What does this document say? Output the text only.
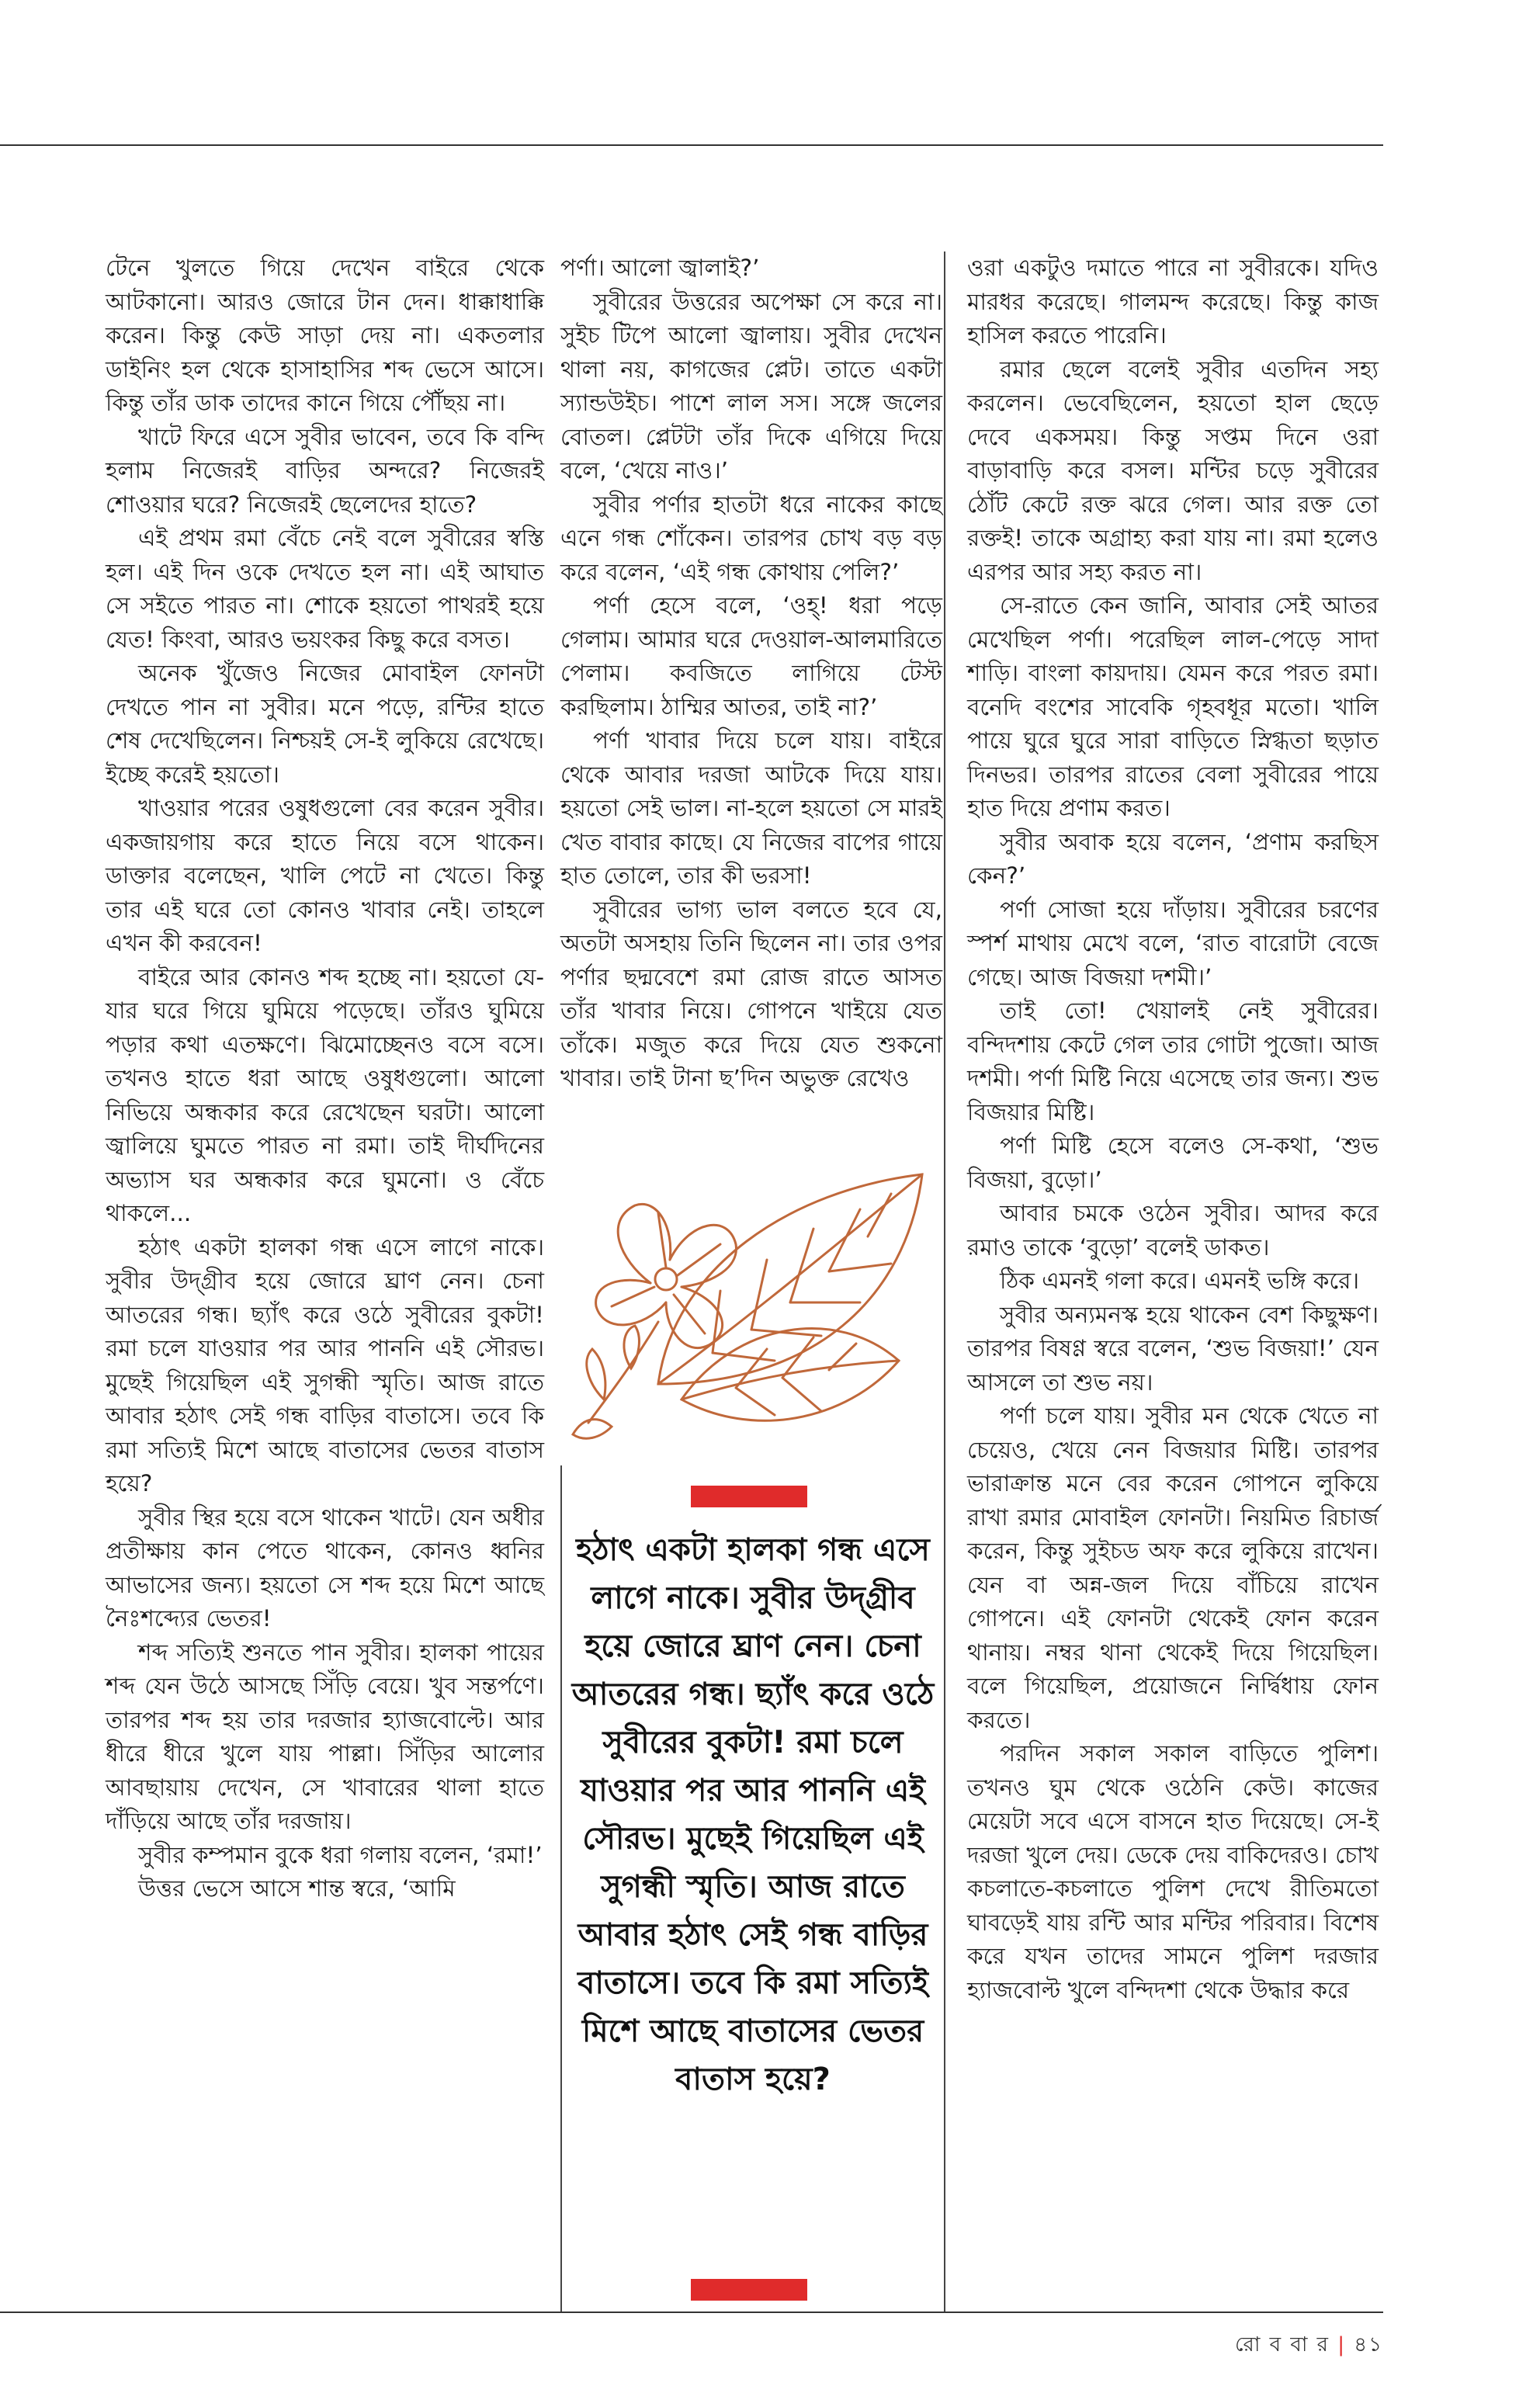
টেনে খুলতে গিয়ে দেখেন বাইরে থেকে আটকানো। আরও জোরে টান দেন। ধাক্কাধাক্কি করেন। কিন্তু কেউ সাড়া দেয় না। একতলার ডাইনিং হল থেকে হাসাহাসির শব্দ ভেসে আসে। কিন্তু তাঁর ডাক তাদের কানে গিয়ে পৌঁছয় না।

খাটে ফিরে এসে সুবীর ভাবেন, তবে কি বন্দি হলাম নিজেরই বাড়ির অন্দরে? নিজেরই শোওয়ার ঘরে? নিজেরই ছেলেদের হাতে?

এই প্রথম রমা বেঁচে নেই বলে সুবীরের স্বস্তি হল। এই দিন ওকে দেখতে হল না। এই আঘাত সে সইতে পারত না। শোকে হয়তো পাথরই হয়ে যেত! কিংবা, আরও ভয়ংকর কিছু করে বসত।

অনেক খুঁজেও নিজের মোবাইল ফোনটা দেখতে পান না সুবীর। মনে পড়ে, রন্টির হাতে শেষ দেখেছিলেন। নিশ্চয়ই সে-ই লুকিয়ে রেখেছে। ইচ্ছে করেই হয়তো।

খাওয়ার পরের ওষুধগুলো বের করেন সুবীর। একজায়গায় করে হাতে নিয়ে বসে থাকেন। ডাক্তার বলেছেন, খালি পেটে না খেতে। কিন্তু তার এই ঘরে তো কোনও খাবার নেই। তাহলে এখন কী করবেন!

বাইরে আর কোনও শব্দ হচ্ছে না। হয়তো যে-যার ঘরে গিয়ে ঘুমিয়ে পড়েছে। তাঁরও ঘুমিয়ে পড়ার কথা এতক্ষণে। ঝিমোচ্ছেনও বসে বসে। তখনও হাতে ধরা আছে ওষুধগুলো। আলো নিভিয়ে অন্ধকার করে রেখেছেন ঘরটা। আলো জ্বালিয়ে ঘুমতে পারত না রমা। তাই দীর্ঘদিনের অভ্যাস ঘর অন্ধকার করে ঘুমনো। ও বেঁচে থাকলে...

হঠাৎ একটা হালকা গন্ধ এসে লাগে নাকে। সুবীর উদ্‌গ্রীব হয়ে জোরে ঘ্রাণ নেন। চেনা আতরের গন্ধ। ছ্যাঁৎ করে ওঠে সুবীরের বুকটা! রমা চলে যাওয়ার পর আর পাননি এই সৌরভ। মুছেই গিয়েছিল এই সুগন্ধী স্মৃতি। আজ রাতে আবার হঠাৎ সেই গন্ধ বাড়ির বাতাসে। তবে কি রমা সত্যিই মিশে আছে বাতাসের ভেতর বাতাস হয়ে?

সুবীর স্থির হয়ে বসে থাকেন খাটে। যেন অধীর প্রতীক্ষায় কান পেতে থাকেন, কোনও ধ্বনির আভাসের জন্য। হয়তো সে শব্দ হয়ে মিশে আছে নৈঃশব্দ্যের ভেতর!

শব্দ সত্যিই শুনতে পান সুবীর। হালকা পায়ের শব্দ যেন উঠে আসছে সিঁড়ি বেয়ে। খুব সন্তর্পণে। তারপর শব্দ হয় তার দরজার হ্যাজবোল্টে। আর ধীরে ধীরে খুলে যায় পাল্লা। সিঁড়ির আলোর আবছায়ায় দেখেন, সে খাবারের থালা হাতে দাঁড়িয়ে আছে তাঁর দরজায়।

সুবীর কম্পমান বুকে ধরা গলায় বলেন, ‘রমা!’

উত্তর ভেসে আসে শান্ত স্বরে, ‘আমি

পর্ণা। আলো জ্বালাই?’

সুবীরের উত্তরের অপেক্ষা সে করে না। সুইচ টিপে আলো জ্বালায়। সুবীর দেখেন থালা নয়, কাগজের প্লেট। তাতে একটা স্যান্ডউইচ। পাশে লাল সস। সঙ্গে জলের বোতল। প্লেটটা তাঁর দিকে এগিয়ে দিয়ে বলে, ‘খেয়ে নাও।’

সুবীর পর্ণার হাতটা ধরে নাকের কাছে এনে গন্ধ শোঁকেন। তারপর চোখ বড় বড় করে বলেন, ‘এই গন্ধ কোথায় পেলি?’

পর্ণা হেসে বলে, ‘ওহ্! ধরা পড়ে গেলাম। আমার ঘরে দেওয়াল-আলমারিতে পেলাম। কবজিতে লাগিয়ে টেস্ট করছিলাম। ঠাম্মির আতর, তাই না?’

পর্ণা খাবার দিয়ে চলে যায়। বাইরে থেকে আবার দরজা আটকে দিয়ে যায়। হয়তো সেই ভাল। না-হলে হয়তো সে মারই খেত বাবার কাছে। যে নিজের বাপের গায়ে হাত তোলে, তার কী ভরসা!

সুবীরের ভাগ্য ভাল বলতে হবে যে, অতটা অসহায় তিনি ছিলেন না। তার ওপর পর্ণার ছদ্মবেশে রমা রোজ রাতে আসত তাঁর খাবার নিয়ে। গোপনে খাইয়ে যেত তাঁকে। মজুত করে দিয়ে যেত শুকনো খাবার। তাই টানা ছ’দিন অভুক্ত রেখেও

হঠাৎ একটা হালকা গন্ধ এসে লাগে নাকে। সুবীর উদ্‌গ্রীব হয়ে জোরে ঘ্রাণ নেন। চেনা আতরের গন্ধ। ছ্যাঁৎ করে ওঠে সুবীরের বুকটা! রমা চলে যাওয়ার পর আর পাননি এই সৌরভ। মুছেই গিয়েছিল এই সুগন্ধী স্মৃতি। আজ রাতে আবার হঠাৎ সেই গন্ধ বাড়ির বাতাসে। তবে কি রমা সত্যিই মিশে আছে বাতাসের ভেতর বাতাস হয়ে?

ওরা একটুও দমাতে পারে না সুবীরকে। যদিও মারধর করেছে। গালমন্দ করেছে। কিন্তু কাজ হাসিল করতে পারেনি।

রমার ছেলে বলেই সুবীর এতদিন সহ্য করলেন। ভেবেছিলেন, হয়তো হাল ছেড়ে দেবে একসময়। কিন্তু সপ্তম দিনে ওরা বাড়াবাড়ি করে বসল। মন্টির চড়ে সুবীরের ঠোঁট কেটে রক্ত ঝরে গেল। আর রক্ত তো রক্তই! তাকে অগ্রাহ্য করা যায় না। রমা হলেও এরপর আর সহ্য করত না।

সে-রাতে কেন জানি, আবার সেই আতর মেখেছিল পর্ণা। পরেছিল লাল-পেড়ে সাদা শাড়ি। বাংলা কায়দায়। যেমন করে পরত রমা। বনেদি বংশের সাবেকি গৃহবধূর মতো। খালি পায়ে ঘুরে ঘুরে সারা বাড়িতে স্নিগ্ধতা ছড়াত দিনভর। তারপর রাতের বেলা সুবীরের পায়ে হাত দিয়ে প্রণাম করত।

সুবীর অবাক হয়ে বলেন, ‘প্রণাম করছিস কেন?’

পর্ণা সোজা হয়ে দাঁড়ায়। সুবীরের চরণের স্পর্শ মাথায় মেখে বলে, ‘রাত বারোটা বেজে গেছে। আজ বিজয়া দশমী।’

তাই তো! খেয়ালই নেই সুবীরের। বন্দিদশায় কেটে গেল তার গোটা পুজো। আজ দশমী। পর্ণা মিষ্টি নিয়ে এসেছে তার জন্য। শুভ বিজয়ার মিষ্টি।

পর্ণা মিষ্টি হেসে বলেও সে-কথা, ‘শুভ বিজয়া, বুড়ো।’

আবার চমকে ওঠেন সুবীর। আদর করে রমাও তাকে ‘বুড়ো’ বলেই ডাকত।

ঠিক এমনই গলা করে। এমনই ভঙ্গি করে।

সুবীর অন্যমনস্ক হয়ে থাকেন বেশ কিছুক্ষণ। তারপর বিষণ্ণ স্বরে বলেন, ‘শুভ বিজয়া!’ যেন আসলে তা শুভ নয়।

পর্ণা চলে যায়। সুবীর মন থেকে খেতে না চেয়েও, খেয়ে নেন বিজয়ার মিষ্টি। তারপর ভারাক্রান্ত মনে বের করেন গোপনে লুকিয়ে রাখা রমার মোবাইল ফোনটা। নিয়মিত রিচার্জ করেন, কিন্তু সুইচড অফ করে লুকিয়ে রাখেন। যেন বা অন্ন-জল দিয়ে বাঁচিয়ে রাখেন গোপনে। এই ফোনটা থেকেই ফোন করেন থানায়। নম্বর থানা থেকেই দিয়ে গিয়েছিল। বলে গিয়েছিল, প্রয়োজনে নির্দ্বিধায় ফোন করতে।

পরদিন সকাল সকাল বাড়িতে পুলিশ। তখনও ঘুম থেকে ওঠেনি কেউ। কাজের মেয়েটা সবে এসে বাসনে হাত দিয়েছে। সে-ই দরজা খুলে দেয়। ডেকে দেয় বাকিদেরও। চোখ কচলাতে-কচলাতে পুলিশ দেখে রীতিমতো ঘাবড়েই যায় রন্টি আর মন্টির পরিবার। বিশেষ করে যখন তাদের সামনে পুলিশ দরজার হ্যাজবোল্ট খুলে বন্দিদশা থেকে উদ্ধার করে

রো ব বা র | ৪১
